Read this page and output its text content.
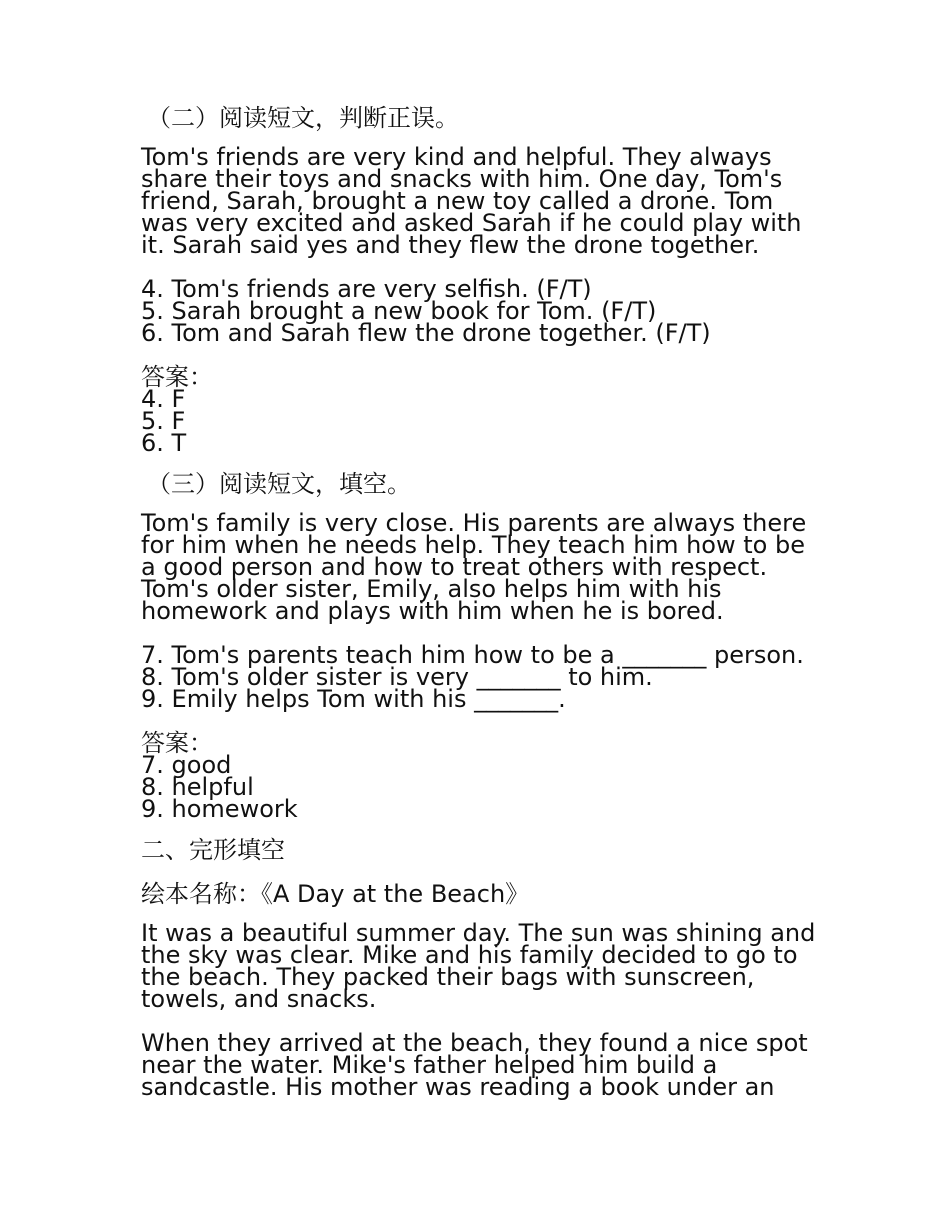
（二）阅读短文，判断正误。
Tom's friends are very kind and helpful. They always
share their toys and snacks with him. One day, Tom's
friend, Sarah, brought a new toy called a drone. Tom
was very excited and asked Sarah if he could play with
it. Sarah said yes and they flew the drone together.
4. Tom's friends are very selfish. (F/T)
5. Sarah brought a new book for Tom. (F/T)
6. Tom and Sarah flew the drone together. (F/T)
答案：
4. F
5. F
6. T
（三）阅读短文，填空。
Tom's family is very close. His parents are always there
for him when he needs help. They teach him how to be
a good person and how to treat others with respect.
Tom's older sister, Emily, also helps him with his
homework and plays with him when he is bored.
7. Tom's parents teach him how to be a _______ person.
8. Tom's older sister is very _______ to him.
9. Emily helps Tom with his _______.
答案：
7. good
8. helpful
9. homework
二、完形填空
绘本名称：《A Day at the Beach》
It was a beautiful summer day. The sun was shining and
the sky was clear. Mike and his family decided to go to
the beach. They packed their bags with sunscreen,
towels, and snacks.
When they arrived at the beach, they found a nice spot
near the water. Mike's father helped him build a
sandcastle. His mother was reading a book under an
